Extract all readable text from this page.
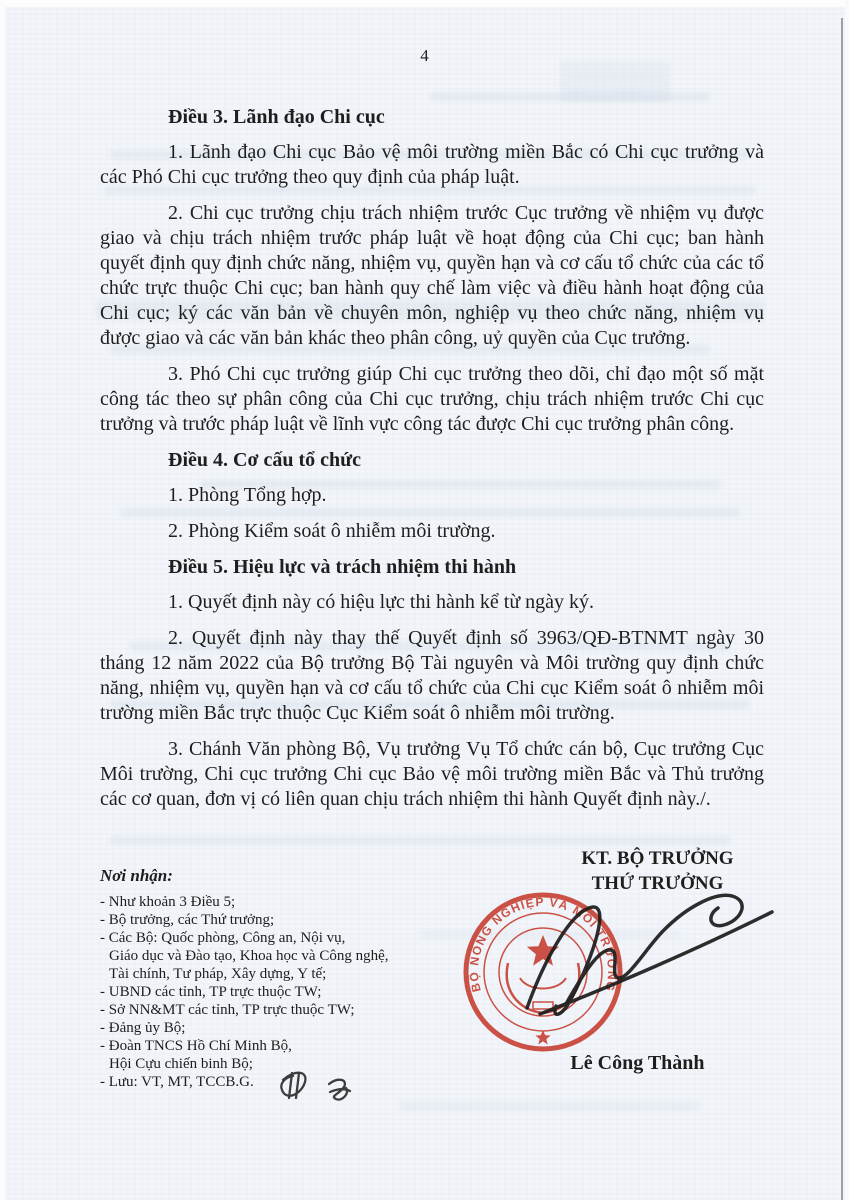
4
Điều 3. Lãnh đạo Chi cục

1. Lãnh đạo Chi cục Bảo vệ môi trường miền Bắc có Chi cục trưởng và các Phó Chi cục trưởng theo quy định của pháp luật.

2. Chi cục trưởng chịu trách nhiệm trước Cục trưởng về nhiệm vụ được giao và chịu trách nhiệm trước pháp luật về hoạt động của Chi cục; ban hành quyết định quy định chức năng, nhiệm vụ, quyền hạn và cơ cấu tổ chức của các tổ chức trực thuộc Chi cục; ban hành quy chế làm việc và điều hành hoạt động của Chi cục; ký các văn bản về chuyên môn, nghiệp vụ theo chức năng, nhiệm vụ được giao và các văn bản khác theo phân công, uỷ quyền của Cục trưởng.

3. Phó Chi cục trưởng giúp Chi cục trưởng theo dõi, chỉ đạo một số mặt công tác theo sự phân công của Chi cục trưởng, chịu trách nhiệm trước Chi cục trưởng và trước pháp luật về lĩnh vực công tác được Chi cục trưởng phân công.

Điều 4. Cơ cấu tổ chức

1. Phòng Tổng hợp.

2. Phòng Kiểm soát ô nhiễm môi trường.

Điều 5. Hiệu lực và trách nhiệm thi hành

1. Quyết định này có hiệu lực thi hành kể từ ngày ký.

2. Quyết định này thay thế Quyết định số 3963/QĐ-BTNMT ngày 30 tháng 12 năm 2022 của Bộ trưởng Bộ Tài nguyên và Môi trường quy định chức năng, nhiệm vụ, quyền hạn và cơ cấu tổ chức của Chi cục Kiểm soát ô nhiễm môi trường miền Bắc trực thuộc Cục Kiểm soát ô nhiễm môi trường.

3. Chánh Văn phòng Bộ, Vụ trưởng Vụ Tổ chức cán bộ, Cục trưởng Cục Môi trường, Chi cục trưởng Chi cục Bảo vệ môi trường miền Bắc và Thủ trưởng các cơ quan, đơn vị có liên quan chịu trách nhiệm thi hành Quyết định này./.

Nơi nhận:
- Như khoản 3 Điều 5;
- Bộ trưởng, các Thứ trưởng;
- Các Bộ: Quốc phòng, Công an, Nội vụ,
Giáo dục và Đào tạo, Khoa học và Công nghệ,
Tài chính, Tư pháp, Xây dựng, Y tế;
- UBND các tỉnh, TP trực thuộc TW;
- Sở NN&MT các tỉnh, TP trực thuộc TW;
- Đảng ủy Bộ;
- Đoàn TNCS Hồ Chí Minh Bộ,
Hội Cựu chiến binh Bộ;
- Lưu: VT, MT, TCCB.G.
KT. BỘ TRƯỞNG
THỨ TRƯỞNG
Lê Công Thành
BỘ NÔNG NGHIỆP VÀ MÔI TRƯỜNG
